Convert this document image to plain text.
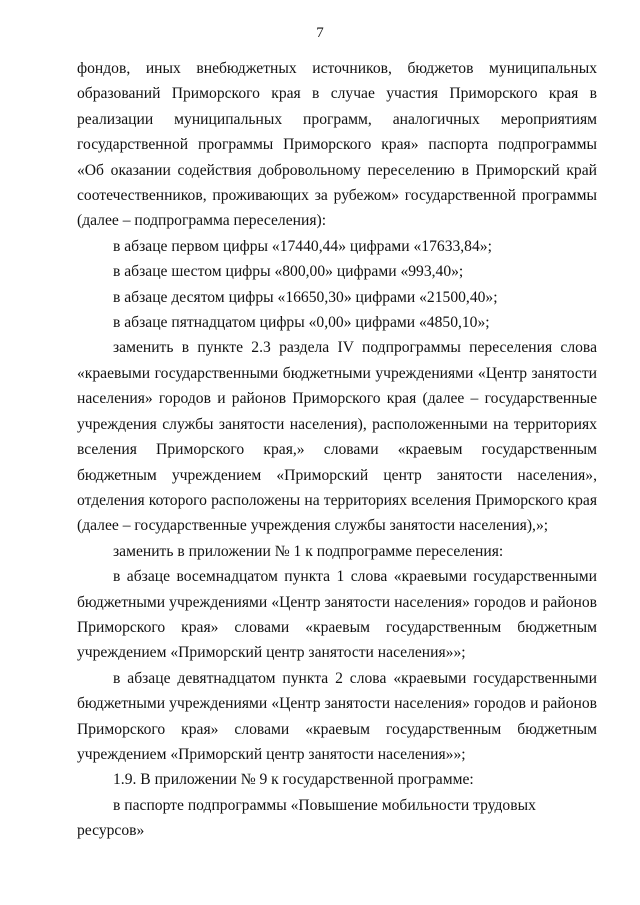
7

фондов, иных внебюджетных источников, бюджетов муниципальных образований Приморского края в случае участия Приморского края в реализации муниципальных программ, аналогичных мероприятиям государственной программы Приморского края» паспорта подпрограммы «Об оказании содействия добровольному переселению в Приморский край соотечественников, проживающих за рубежом» государственной программы (далее – подпрограмма переселения):

в абзаце первом цифры «17440,44» цифрами «17633,84»;

в абзаце шестом цифры «800,00» цифрами «993,40»;

в абзаце десятом цифры «16650,30» цифрами «21500,40»;

в абзаце пятнадцатом цифры «0,00» цифрами «4850,10»;

заменить в пункте 2.3 раздела IV подпрограммы переселения слова «краевыми государственными бюджетными учреждениями «Центр занятости населения» городов и районов Приморского края (далее – государственные учреждения службы занятости населения), расположенными на территориях вселения Приморского края,» словами «краевым государственным бюджетным учреждением «Приморский центр занятости населения», отделения которого расположены на территориях вселения Приморского края (далее – государственные учреждения службы занятости населения),»;

заменить в приложении № 1 к подпрограмме переселения:

в абзаце восемнадцатом пункта 1 слова «краевыми государственными бюджетными учреждениями «Центр занятости населения» городов и районов Приморского края» словами «краевым государственным бюджетным учреждением «Приморский центр занятости населения»»;

в абзаце девятнадцатом пункта 2 слова «краевыми государственными бюджетными учреждениями «Центр занятости населения» городов и районов Приморского края» словами «краевым государственным бюджетным учреждением «Приморский центр занятости населения»»;

1.9. В приложении № 9 к государственной программе:

в паспорте подпрограммы «Повышение мобильности трудовых ресурсов»
